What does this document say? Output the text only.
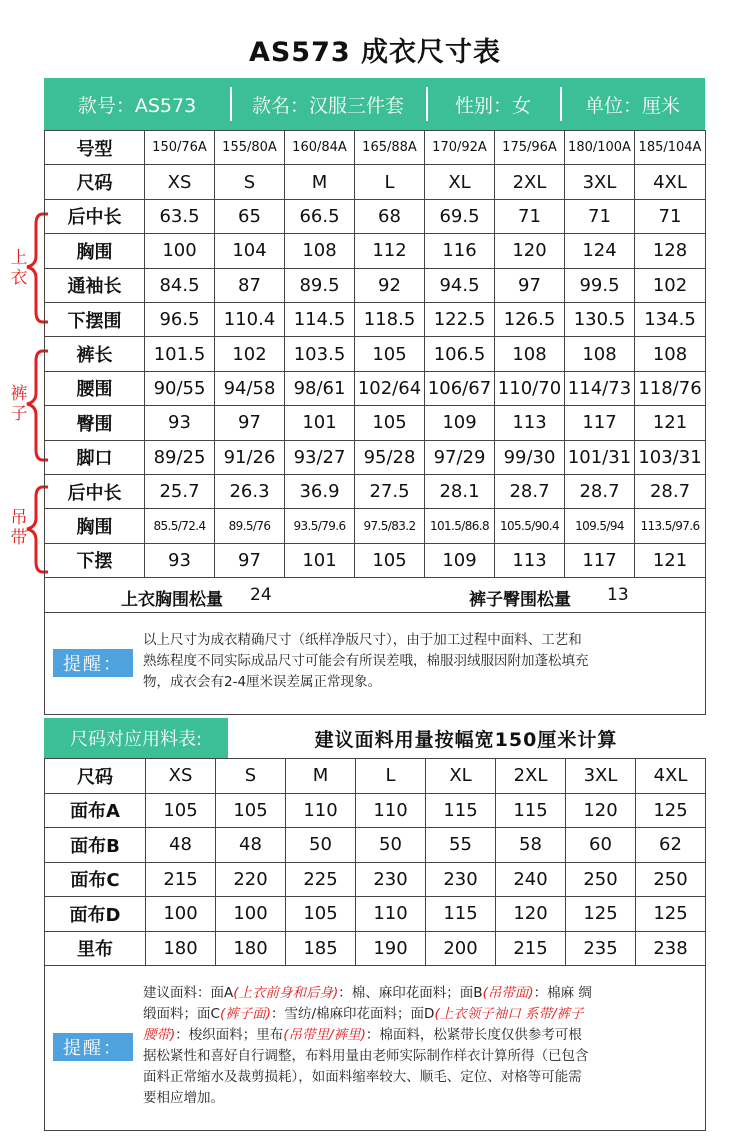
AS573 成衣尺寸表
款号：AS573	款名：汉服三件套	性别：女	单位：厘米
上
衣
裤
子
吊
带
号型	150/76A	155/80A	160/84A	165/88A	170/92A	175/96A	180/100A	185/104A
尺码	XS	S	M	L	XL	2XL	3XL	4XL
后中长	63.5	65	66.5	68	69.5	71	71	71
胸围	100	104	108	112	116	120	124	128
通袖长	84.5	87	89.5	92	94.5	97	99.5	102
下摆围	96.5	110.4	114.5	118.5	122.5	126.5	130.5	134.5
裤长	101.5	102	103.5	105	106.5	108	108	108
腰围	90/55	94/58	98/61	102/64	106/67	110/70	114/73	118/76
臀围	93	97	101	105	109	113	117	121
脚口	89/25	91/26	93/27	95/28	97/29	99/30	101/31	103/31
后中长	25.7	26.3	36.9	27.5	28.1	28.7	28.7	28.7
胸围	85.5/72.4	89.5/76	93.5/79.6	97.5/83.2	101.5/86.8	105.5/90.4	109.5/94	113.5/97.6
下摆	93	97	101	105	109	113	117	121
上衣胸围松量 24	裤子臀围松量 13
提醒：
以上尺寸为成衣精确尺寸（纸样净版尺寸），由于加工过程中面料、工艺和
熟练程度不同实际成品尺寸可能会有所误差哦，棉服羽绒服因附加蓬松填充
物，成衣会有2-4厘米误差属正常现象。
尺码对应用料表:	建议面料用量按幅宽150厘米计算
尺码	XS	S	M	L	XL	2XL	3XL	4XL
面布A	105	105	110	110	115	115	120	125
面布B	48	48	50	50	55	58	60	62
面布C	215	220	225	230	230	240	250	250
面布D	100	100	105	110	115	120	125	125
里布	180	180	185	190	200	215	235	238
提醒：
建议面料：面A(上衣前身和后身)：棉、麻印花面料；面B(吊带面)：棉麻 绸
缎面料；面C(裤子面)：雪纺/棉麻印花面料；面D(上衣领子袖口 系带/裤子
腰带)：梭织面料；里布(吊带里/裤里)：棉面料，松紧带长度仅供参考可根
据松紧性和喜好自行调整，布料用量由老师实际制作样衣计算所得（已包含
面料正常缩水及裁剪损耗），如面料缩率较大、顺毛、定位、对格等可能需
要相应增加。
